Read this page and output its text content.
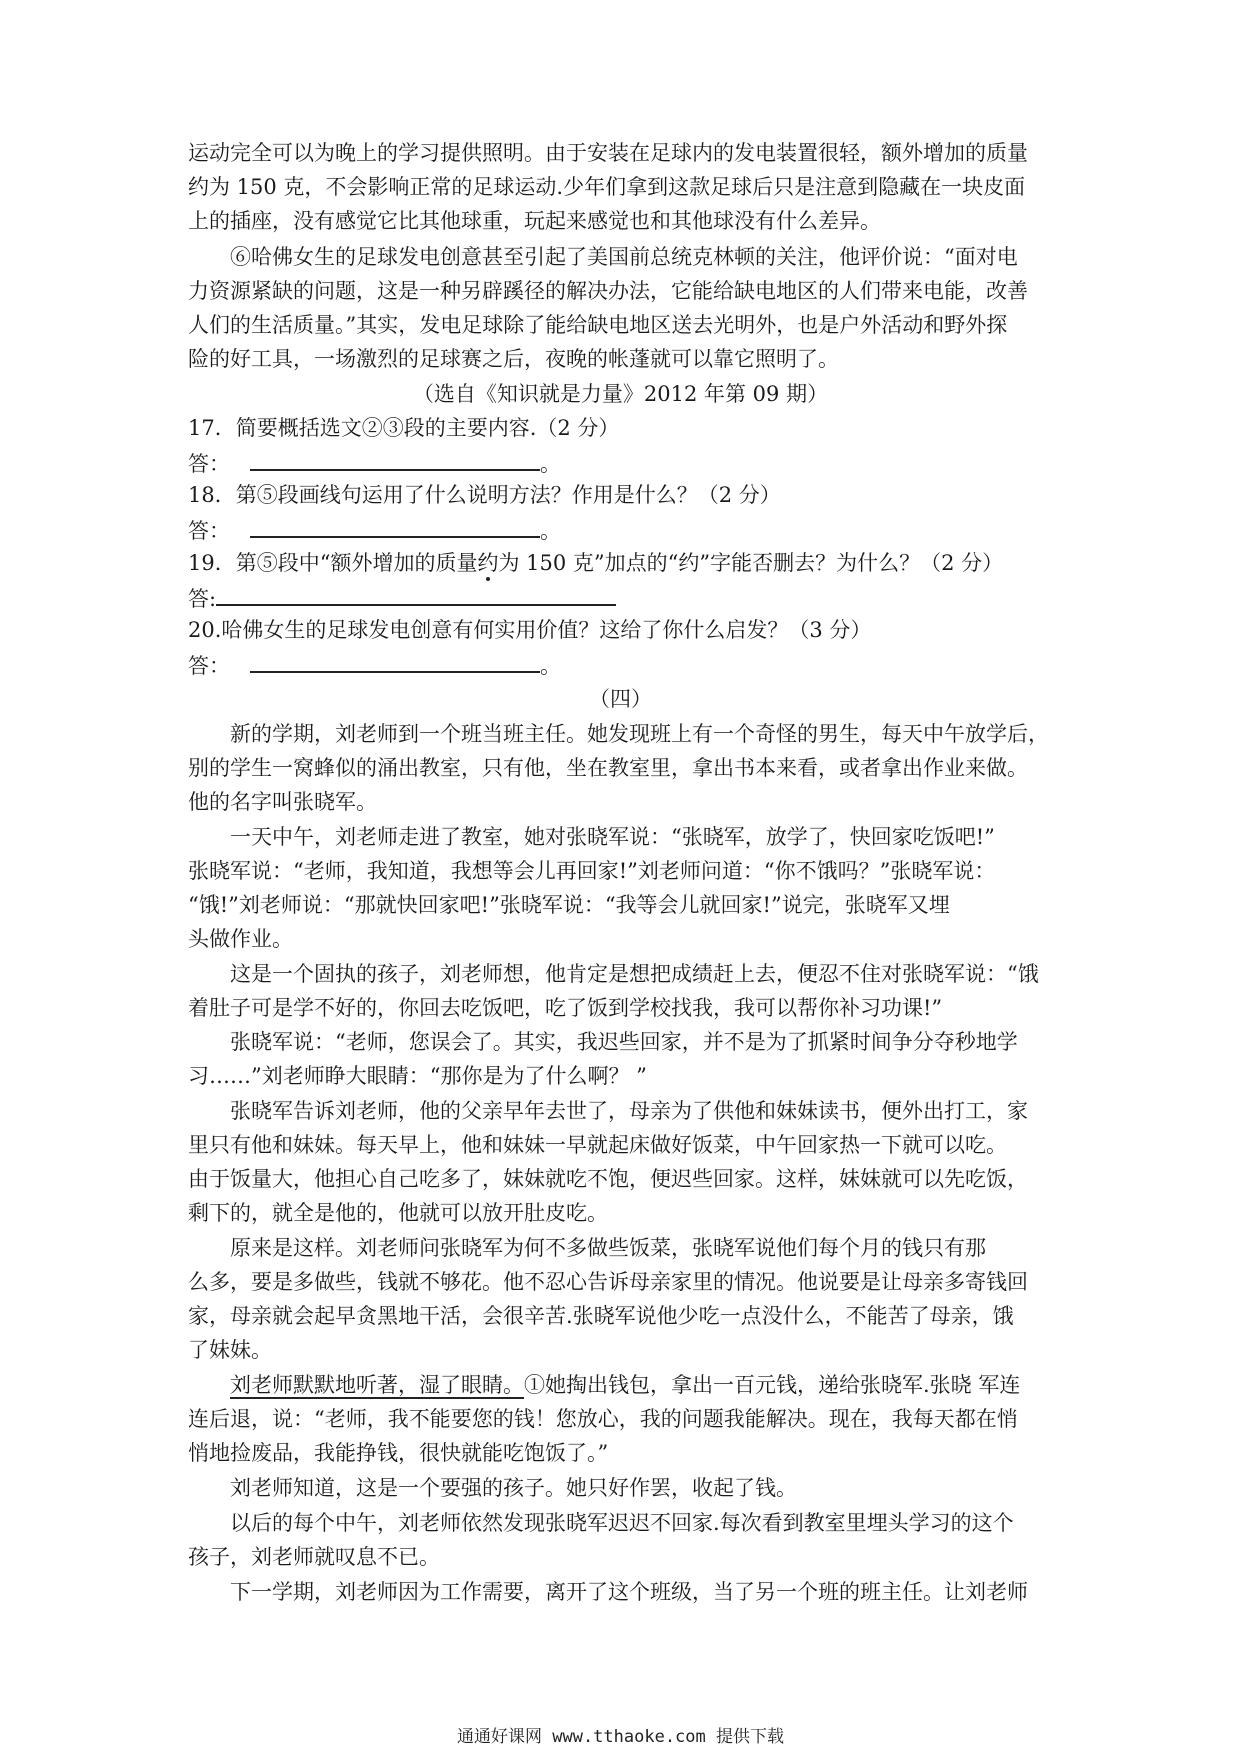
运动完全可以为晚上的学习提供照明。由于安装在足球内的发电装置很轻，额外增加的质量
约为 150 克，不会影响正常的足球运动.少年们拿到这款足球后只是注意到隐藏在一块皮面
上的插座，没有感觉它比其他球重，玩起来感觉也和其他球没有什么差异。
⑥哈佛女生的足球发电创意甚至引起了美国前总统克林顿的关注，他评价说：“面对电
力资源紧缺的问题，这是一种另辟蹊径的解决办法，它能给缺电地区的人们带来电能，改善
人们的生活质量。”其实，发电足球除了能给缺电地区送去光明外，也是户外活动和野外探
险的好工具，一场激烈的足球赛之后，夜晚的帐蓬就可以靠它照明了。
（选自《知识就是力量》2012 年第 09 期）
17．简要概括选文②③段的主要内容.（2 分）
答：	。
18．第⑤段画线句运用了什么说明方法？作用是什么？（2 分）
答：	。
19．第⑤段中“额外增加的质量约为 150 克”加点的“约”字能否删去？为什么？（2 分）
答:
20.哈佛女生的足球发电创意有何实用价值？这给了你什么启发？（3 分）
答：	。
（四）
新的学期，刘老师到一个班当班主任。她发现班上有一个奇怪的男生，每天中午放学后，
别的学生一窝蜂似的涌出教室，只有他，坐在教室里，拿出书本来看，或者拿出作业来做。
他的名字叫张晓军。
一天中午，刘老师走进了教室，她对张晓军说：“张晓军，放学了，快回家吃饭吧!”
张晓军说：“老师，我知道，我想等会儿再回家!”刘老师问道：“你不饿吗？”张晓军说：
“饿!”刘老师说：“那就快回家吧!”张晓军说：“我等会儿就回家!”说完，张晓军又埋
头做作业。
这是一个固执的孩子，刘老师想，他肯定是想把成绩赶上去，便忍不住对张晓军说：“饿
着肚子可是学不好的，你回去吃饭吧，吃了饭到学校找我，我可以帮你补习功课!”
张晓军说：“老师，您误会了。其实，我迟些回家，并不是为了抓紧时间争分夺秒地学
习……”刘老师睁大眼睛：“那你是为了什么啊？ ”
张晓军告诉刘老师，他的父亲早年去世了，母亲为了供他和妹妹读书，便外出打工，家
里只有他和妹妹。每天早上，他和妹妹一早就起床做好饭菜，中午回家热一下就可以吃。
由于饭量大，他担心自己吃多了，妹妹就吃不饱，便迟些回家。这样，妹妹就可以先吃饭，
剩下的，就全是他的，他就可以放开肚皮吃。
原来是这样。刘老师问张晓军为何不多做些饭菜，张晓军说他们每个月的钱只有那
么多，要是多做些，钱就不够花。他不忍心告诉母亲家里的情况。他说要是让母亲多寄钱回
家，母亲就会起早贪黑地干活，会很辛苦.张晓军说他少吃一点没什么，不能苦了母亲，饿
了妹妹。
刘老师默默地听著，湿了眼睛。①她掏出钱包，拿出一百元钱，递给张晓军.张晓 军连
连后退，说：“老师，我不能要您的钱！您放心，我的问题我能解决。现在，我每天都在悄
悄地捡废品，我能挣钱，很快就能吃饱饭了。”
刘老师知道，这是一个要强的孩子。她只好作罢，收起了钱。
以后的每个中午，刘老师依然发现张晓军迟迟不回家.每次看到教室里埋头学习的这个
孩子，刘老师就叹息不已。
下一学期，刘老师因为工作需要，离开了这个班级，当了另一个班的班主任。让刘老师
通通好课网 www.tthaoke.com 提供下载
